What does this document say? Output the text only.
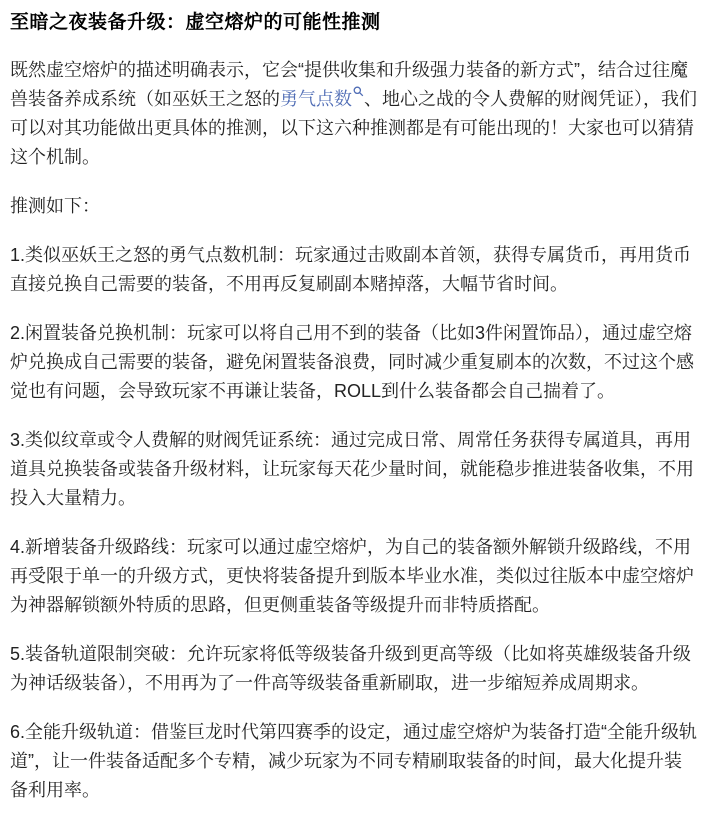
至暗之夜装备升级：虚空熔炉的可能性推测

既然虚空熔炉的描述明确表示，它会“提供收集和升级强力装备的新方式”，结合过往魔兽装备养成系统（如巫妖王之怒的勇气点数 、地心之战的令人费解的财阀凭证），我们可以对其功能做出更具体的推测，以下这六种推测都是有可能出现的！大家也可以猜猜这个机制。

推测如下：

1.类似巫妖王之怒的勇气点数机制：玩家通过击败副本首领，获得专属货币，再用货币直接兑换自己需要的装备，不用再反复刷副本赌掉落，大幅节省时间。

2.闲置装备兑换机制：玩家可以将自己用不到的装备（比如3件闲置饰品），通过虚空熔炉兑换成自己需要的装备，避免闲置装备浪费，同时减少重复刷本的次数，不过这个感觉也有问题，会导致玩家不再谦让装备，ROLL到什么装备都会自己揣着了。

3.类似纹章或令人费解的财阀凭证系统：通过完成日常、周常任务获得专属道具，再用道具兑换装备或装备升级材料，让玩家每天花少量时间，就能稳步推进装备收集，不用投入大量精力。

4.新增装备升级路线：玩家可以通过虚空熔炉，为自己的装备额外解锁升级路线，不用再受限于单一的升级方式，更快将装备提升到版本毕业水准，类似过往版本中虚空熔炉为神器解锁额外特质的思路，但更侧重装备等级提升而非特质搭配。

5.装备轨道限制突破：允许玩家将低等级装备升级到更高等级（比如将英雄级装备升级为神话级装备），不用再为了一件高等级装备重新刷取，进一步缩短养成周期求。

6.全能升级轨道：借鉴巨龙时代第四赛季的设定，通过虚空熔炉为装备打造“全能升级轨道”，让一件装备适配多个专精，减少玩家为不同专精刷取装备的时间，最大化提升装备利用率。
